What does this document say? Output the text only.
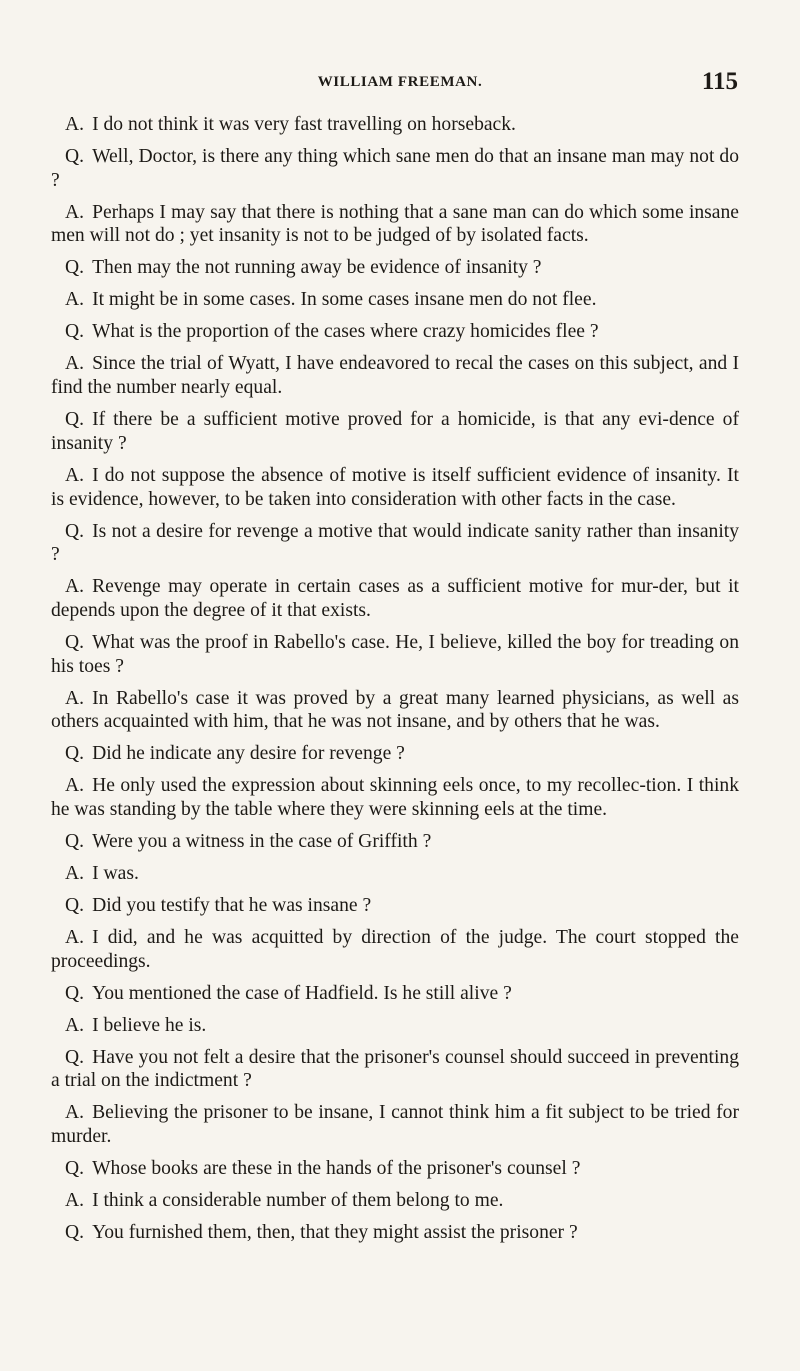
WILLIAM FREEMAN.	115

A. I do not think it was very fast travelling on horseback.

Q. Well, Doctor, is there any thing which sane men do that an insane man may not do ?

A. Perhaps I may say that there is nothing that a sane man can do which some insane men will not do ; yet insanity is not to be judged of by isolated facts.

Q. Then may the not running away be evidence of insanity ?

A. It might be in some cases. In some cases insane men do not flee.

Q. What is the proportion of the cases where crazy homicides flee ?

A. Since the trial of Wyatt, I have endeavored to recal the cases on this subject, and I find the number nearly equal.

Q. If there be a sufficient motive proved for a homicide, is that any evi-dence of insanity ?

A. I do not suppose the absence of motive is itself sufficient evidence of insanity. It is evidence, however, to be taken into consideration with other facts in the case.

Q. Is not a desire for revenge a motive that would indicate sanity rather than insanity ?

A. Revenge may operate in certain cases as a sufficient motive for mur-der, but it depends upon the degree of it that exists.

Q. What was the proof in Rabello's case. He, I believe, killed the boy for treading on his toes ?

A. In Rabello's case it was proved by a great many learned physicians, as well as others acquainted with him, that he was not insane, and by others that he was.

Q. Did he indicate any desire for revenge ?

A. He only used the expression about skinning eels once, to my recollec-tion. I think he was standing by the table where they were skinning eels at the time.

Q. Were you a witness in the case of Griffith ?

A. I was.

Q. Did you testify that he was insane ?

A. I did, and he was acquitted by direction of the judge. The court stopped the proceedings.

Q. You mentioned the case of Hadfield. Is he still alive ?

A. I believe he is.

Q. Have you not felt a desire that the prisoner's counsel should succeed in preventing a trial on the indictment ?

A. Believing the prisoner to be insane, I cannot think him a fit subject to be tried for murder.

Q. Whose books are these in the hands of the prisoner's counsel ?

A. I think a considerable number of them belong to me.

Q. You furnished them, then, that they might assist the prisoner ?
